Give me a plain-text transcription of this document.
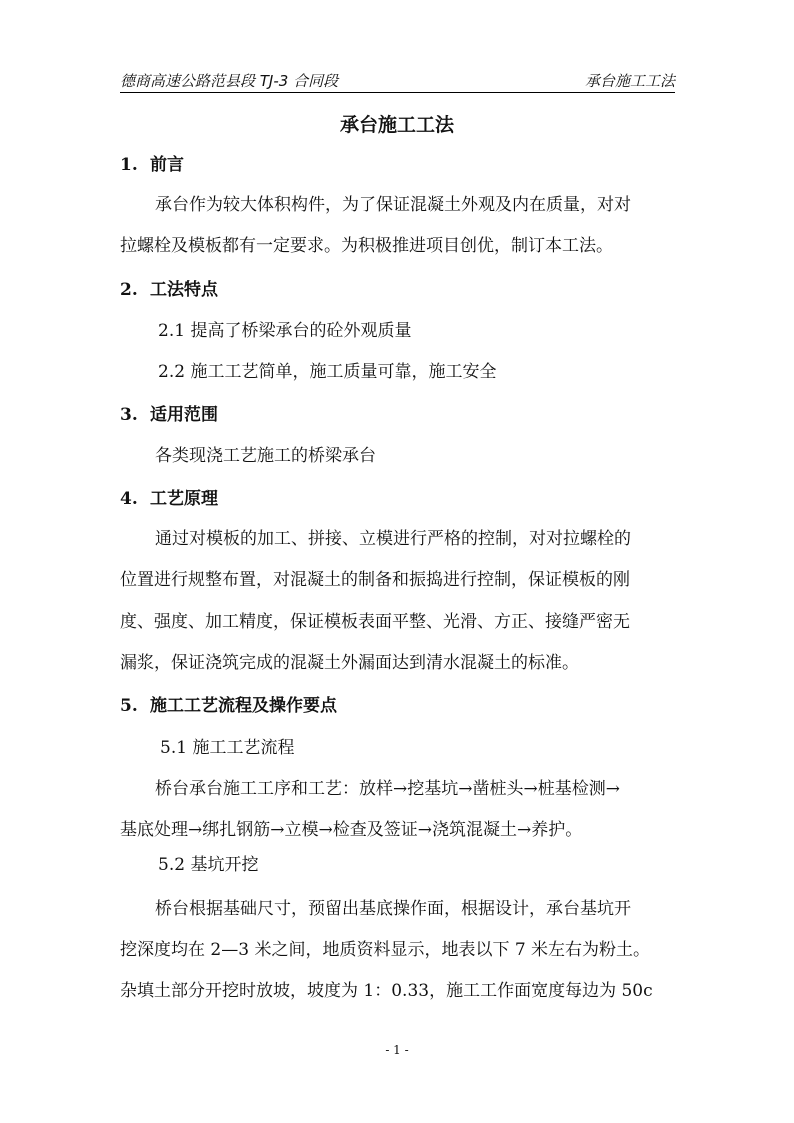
德商高速公路范县段 TJ-3 合同段	承台施工工法
承台施工工法
1. 前言
承台作为较大体积构件，为了保证混凝土外观及内在质量，对对
拉螺栓及模板都有一定要求。为积极推进项目创优，制订本工法。
2. 工法特点
2.1 提高了桥梁承台的砼外观质量
2.2 施工工艺简单，施工质量可靠，施工安全
3. 适用范围
各类现浇工艺施工的桥梁承台
4. 工艺原理
通过对模板的加工、拼接、立模进行严格的控制，对对拉螺栓的
位置进行规整布置，对混凝土的制备和振捣进行控制，保证模板的刚
度、强度、加工精度，保证模板表面平整、光滑、方正、接缝严密无
漏浆，保证浇筑完成的混凝土外漏面达到清水混凝土的标准。
5. 施工工艺流程及操作要点
5.1 施工工艺流程
桥台承台施工工序和工艺：放样→挖基坑→凿桩头→桩基检测→
基底处理→绑扎钢筋→立模→检查及签证→浇筑混凝土→养护。
5.2 基坑开挖
桥台根据基础尺寸，预留出基底操作面，根据设计，承台基坑开
挖深度均在 2—3 米之间，地质资料显示，地表以下 7 米左右为粉土。
杂填土部分开挖时放坡，坡度为 1：0.33，施工工作面宽度每边为 50c
- 1 -
